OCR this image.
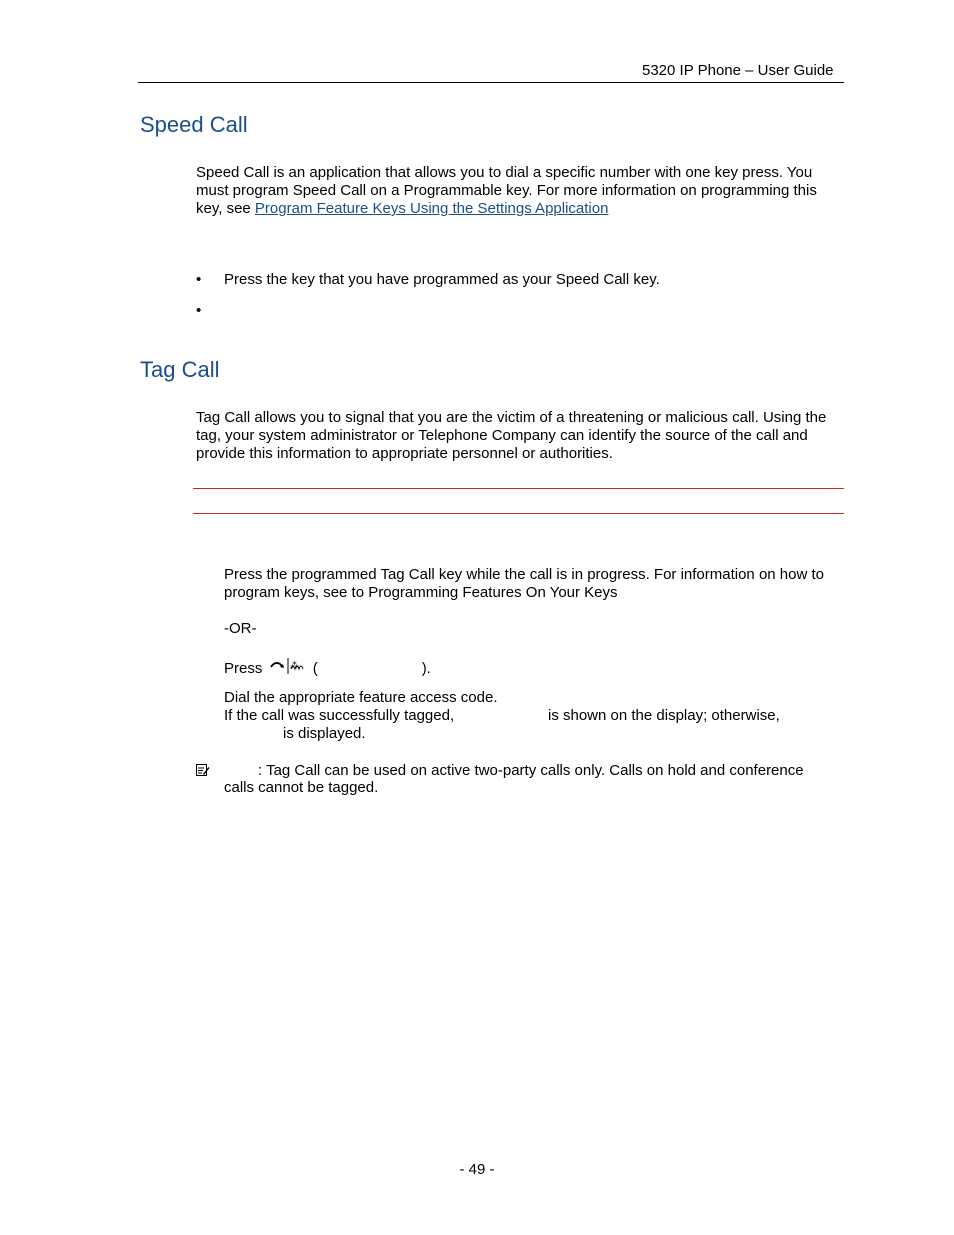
5320 IP Phone – User Guide
Speed Call
Speed Call is an application that allows you to dial a specific number with one key press. You must program Speed Call on a Programmable key. For more information on programming this key, see Program Feature Keys Using the Settings Application
• Press the key that you have programmed as your Speed Call key.
•
Tag Call
Tag Call allows you to signal that you are the victim of a threatening or malicious call. Using the tag, your system administrator or Telephone Company can identify the source of the call and provide this information to appropriate personnel or authorities.
Press the programmed Tag Call key while the call is in progress. For information on how to program keys, see to Programming Features On Your Keys
-OR-
Press	⁂ (	).
Dial the appropriate feature access code.
If the call was successfully tagged,	is shown on the display; otherwise,
is displayed.
: Tag Call can be used on active two-party calls only. Calls on hold and conference
calls cannot be tagged.
- 49 -
